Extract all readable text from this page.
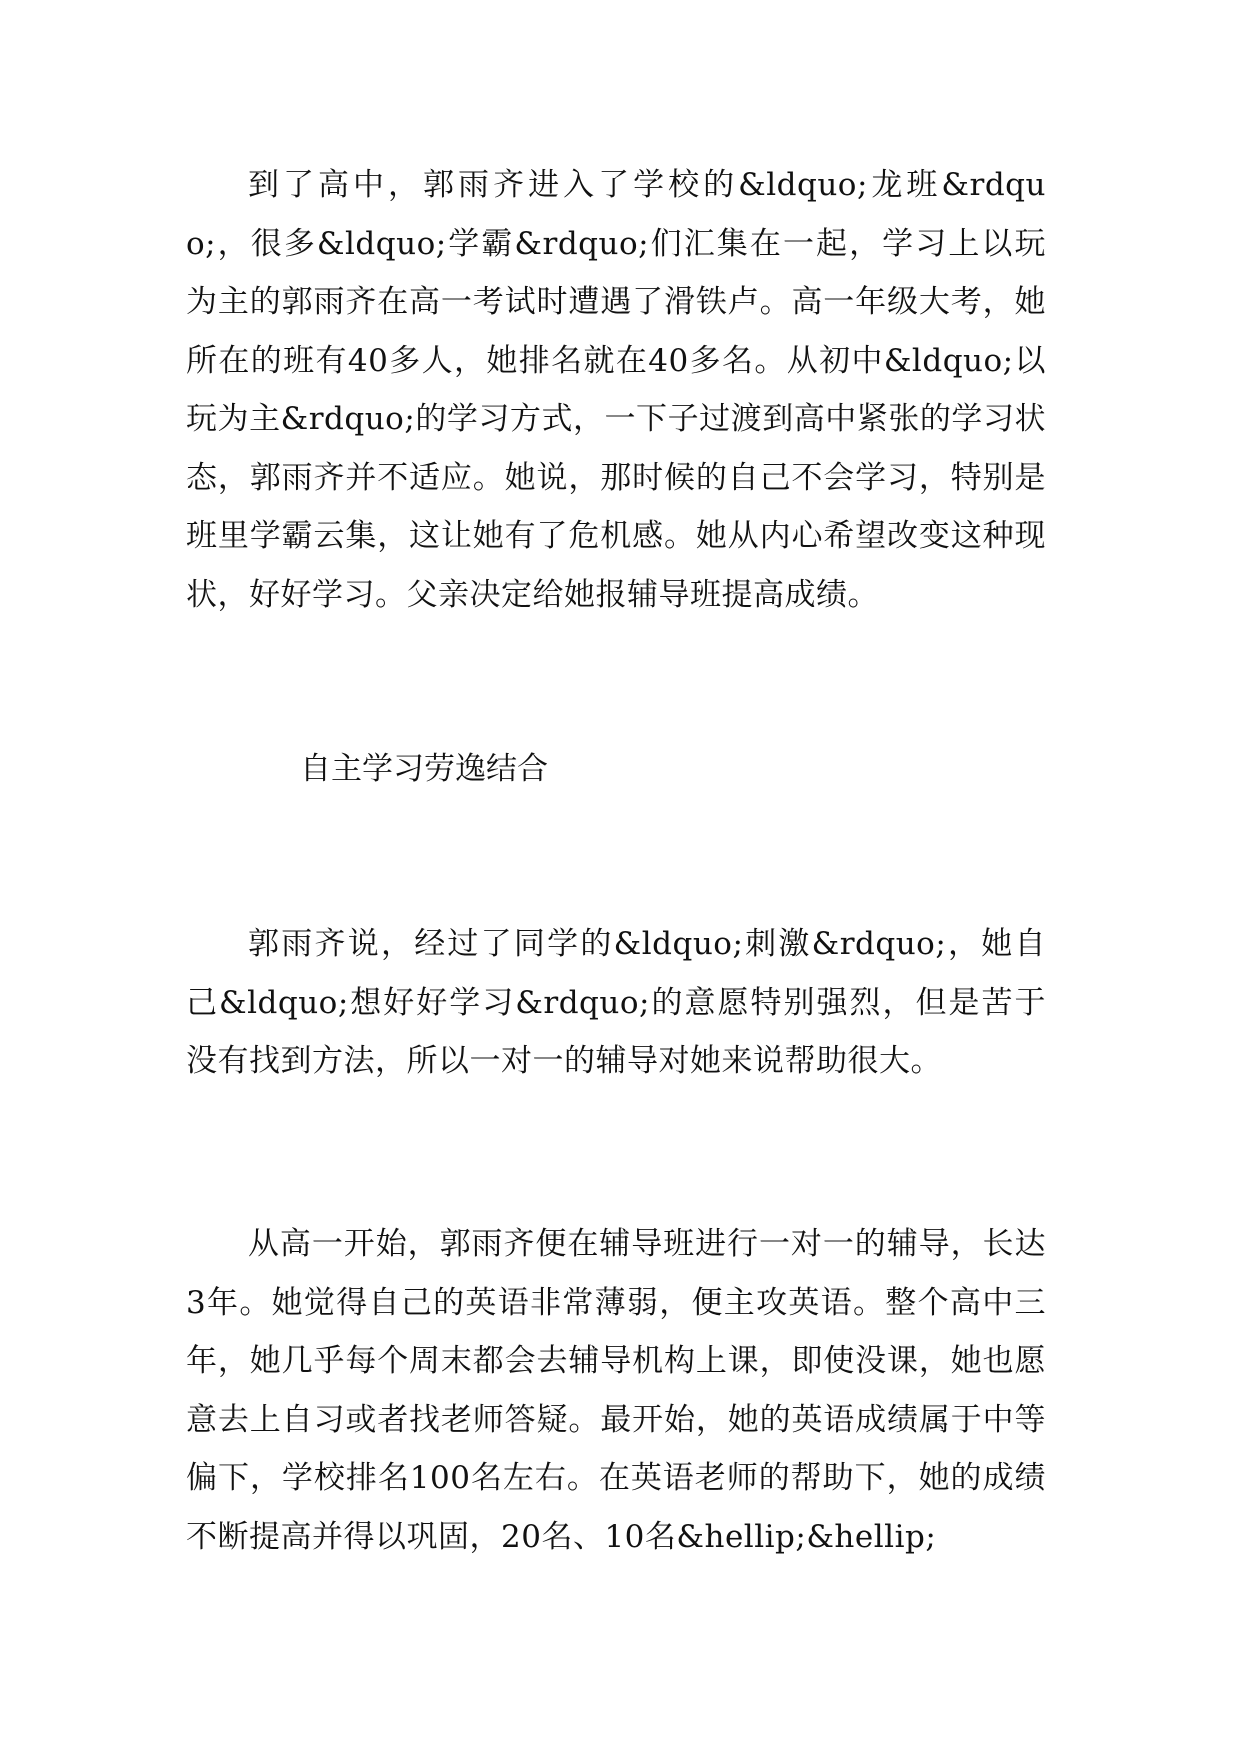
到了高中，郭雨齐进入了学校的&ldquo;龙班&rdquo;，很多&ldquo;学霸&rdquo;们汇集在一起，学习上以玩为主的郭雨齐在高一考试时遭遇了滑铁卢。高一年级大考，她所在的班有40多人，她排名就在40多名。从初中&ldquo;以玩为主&rdquo;的学习方式，一下子过渡到高中紧张的学习状态，郭雨齐并不适应。她说，那时候的自己不会学习，特别是班里学霸云集，这让她有了危机感。她从内心希望改变这种现状，好好学习。父亲决定给她报辅导班提高成绩。

自主学习劳逸结合

郭雨齐说，经过了同学的&ldquo;刺激&rdquo;，她自己&ldquo;想好好学习&rdquo;的意愿特别强烈，但是苦于没有找到方法，所以一对一的辅导对她来说帮助很大。

从高一开始，郭雨齐便在辅导班进行一对一的辅导，长达3年。她觉得自己的英语非常薄弱，便主攻英语。整个高中三年，她几乎每个周末都会去辅导机构上课，即使没课，她也愿意去上自习或者找老师答疑。最开始，她的英语成绩属于中等偏下，学校排名100名左右。在英语老师的帮助下，她的成绩不断提高并得以巩固，20名、10名&hellip;&hellip;
